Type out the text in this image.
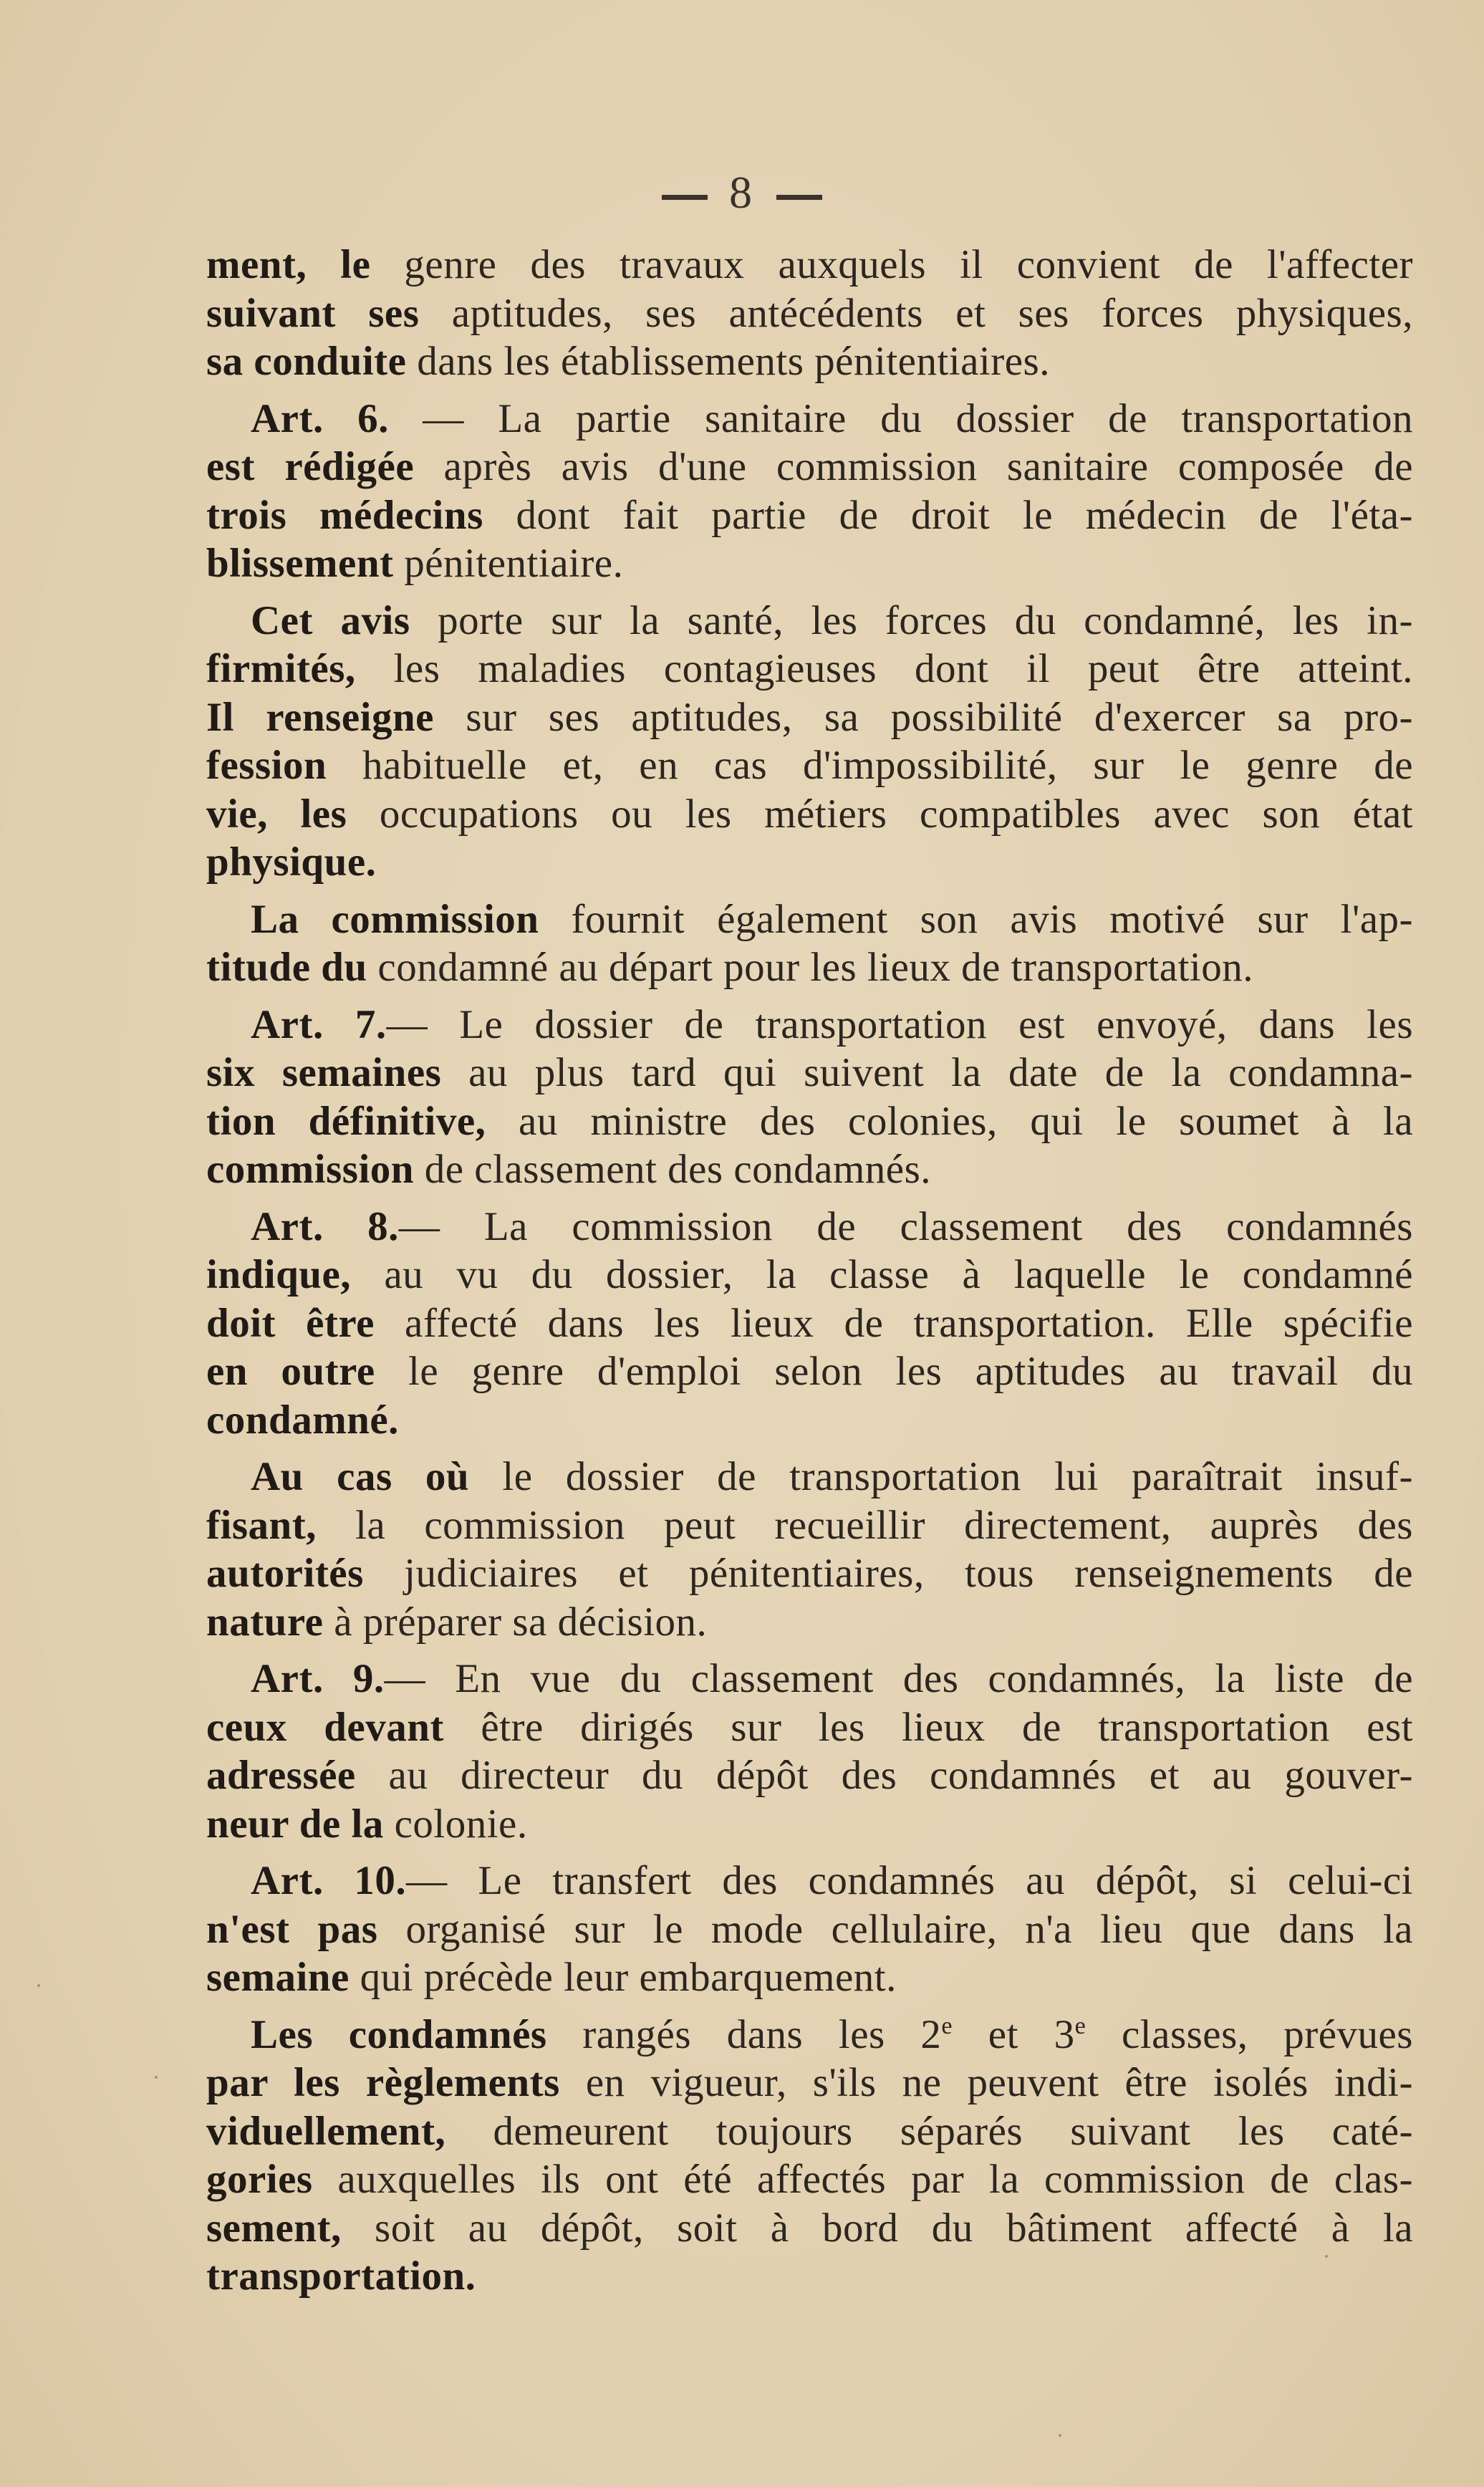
8
ment, le genre des travaux auxquels il convient de l'affecter
suivant ses aptitudes, ses antécédents et ses forces physiques,
sa conduite dans les établissements pénitentiaires.
Art. 6. — La partie sanitaire du dossier de transportation
est rédigée après avis d'une commission sanitaire composée de
trois médecins dont fait partie de droit le médecin de l'éta-
blissement pénitentiaire.
Cet avis porte sur la santé, les forces du condamné, les in-
firmités, les maladies contagieuses dont il peut être atteint.
Il renseigne sur ses aptitudes, sa possibilité d'exercer sa pro-
fession habituelle et, en cas d'impossibilité, sur le genre de
vie, les occupations ou les métiers compatibles avec son état
physique.
La commission fournit également son avis motivé sur l'ap-
titude du condamné au départ pour les lieux de transportation.
Art. 7.— Le dossier de transportation est envoyé, dans les
six semaines au plus tard qui suivent la date de la condamna-
tion définitive, au ministre des colonies, qui le soumet à la
commission de classement des condamnés.
Art. 8.— La commission de classement des condamnés
indique, au vu du dossier, la classe à laquelle le condamné
doit être affecté dans les lieux de transportation. Elle spécifie
en outre le genre d'emploi selon les aptitudes au travail du
condamné.
Au cas où le dossier de transportation lui paraîtrait insuf-
fisant, la commission peut recueillir directement, auprès des
autorités judiciaires et pénitentiaires, tous renseignements de
nature à préparer sa décision.
Art. 9.— En vue du classement des condamnés, la liste de
ceux devant être dirigés sur les lieux de transportation est
adressée au directeur du dépôt des condamnés et au gouver-
neur de la colonie.
Art. 10.— Le transfert des condamnés au dépôt, si celui-ci
n'est pas organisé sur le mode cellulaire, n'a lieu que dans la
semaine qui précède leur embarquement.
Les condamnés rangés dans les 2e et 3e classes, prévues
par les règlements en vigueur, s'ils ne peuvent être isolés indi-
viduellement, demeurent toujours séparés suivant les caté-
gories auxquelles ils ont été affectés par la commission de clas-
sement, soit au dépôt, soit à bord du bâtiment affecté à la
transportation.
